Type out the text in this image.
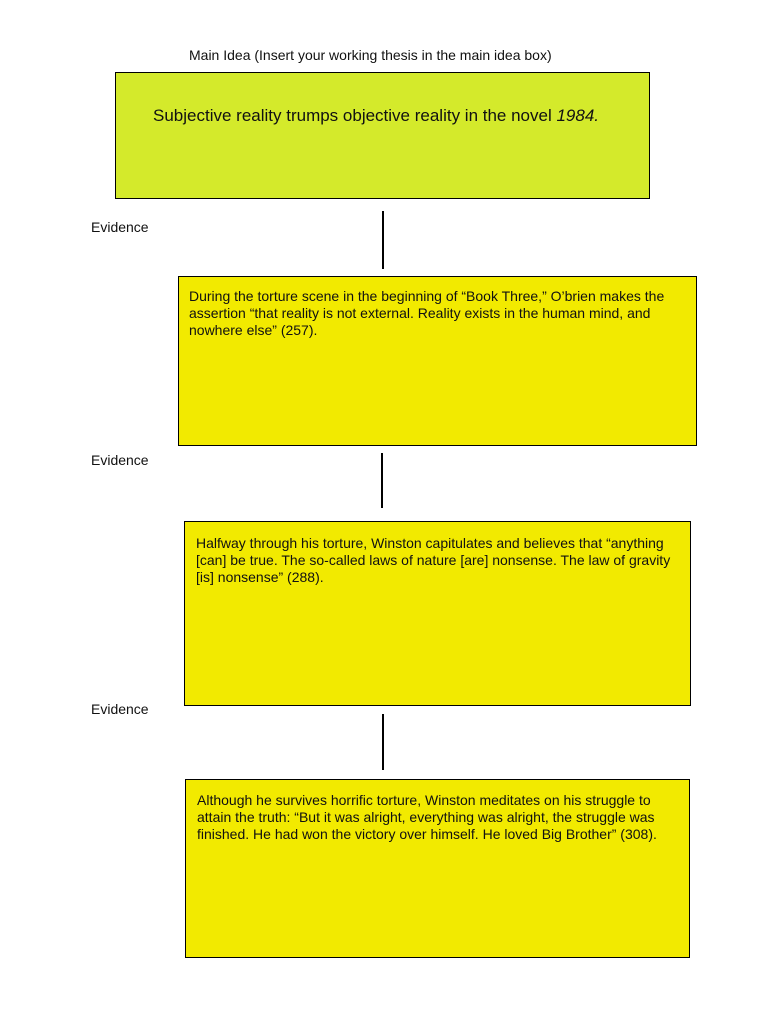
Main Idea (Insert your working thesis in the main idea box)
Subjective reality trumps objective reality in the novel 1984.
Evidence
During the torture scene in the beginning of “Book Three,” O’brien makes the assertion “that reality is not external. Reality exists in the human mind, and nowhere else” (257).
Evidence
Halfway through his torture, Winston capitulates and believes that “anything [can] be true. The so-called laws of nature [are] nonsense. The law of gravity [is] nonsense” (288).
Evidence
Although he survives horrific torture, Winston meditates on his struggle to attain the truth: “But it was alright, everything was alright, the struggle was finished. He had won the victory over himself. He loved Big Brother” (308).
